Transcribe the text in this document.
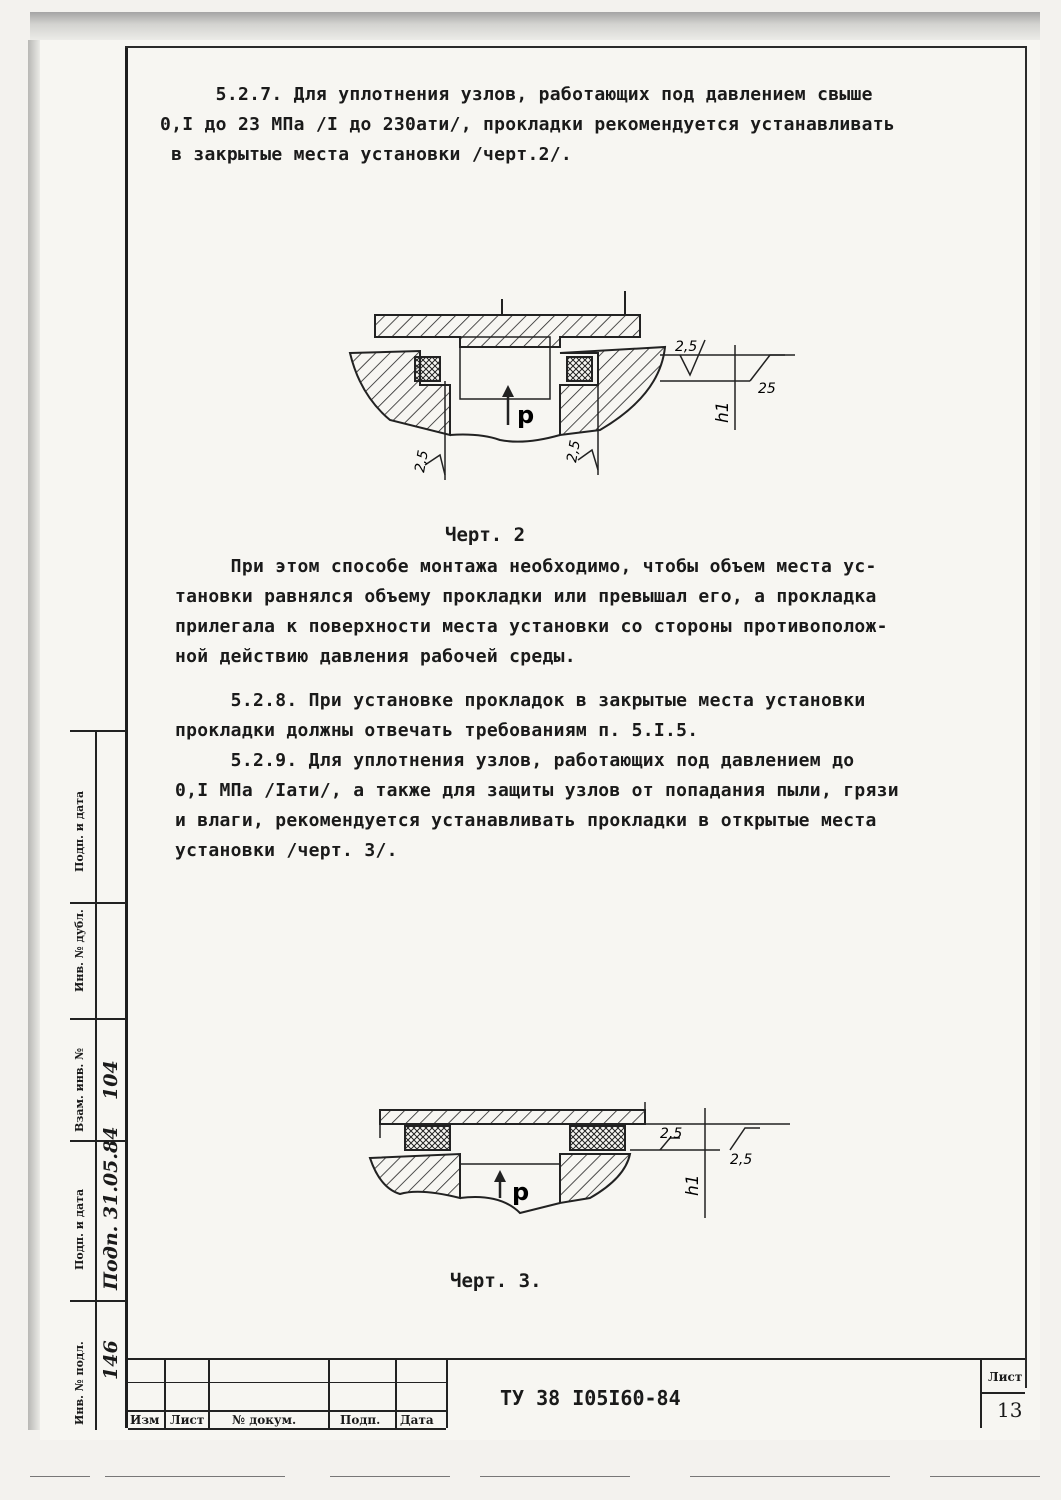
5.2.7. Для уплотнения узлов, работающих под давлением свыше
0,I до 23 МПа /I до 230ати/, прокладки рекомендуется устанавливать
в закрытые места установки /черт.2/.
p
2,5
25
h1
2,5	2,5
Черт. 2
При этом способе монтажа необходимо, чтобы объем места ус-
тановки равнялся объему прокладки или превышал его, а прокладка
прилегала к поверхности места установки со стороны противополож-
ной действию давления рабочей среды.
5.2.8. При установке прокладок в закрытые места установки
прокладки должны отвечать требованиям п. 5.I.5.
5.2.9. Для уплотнения узлов, работающих под давлением до
0,I МПа /Iати/, а также для защиты узлов от попадания пыли, грязи
и влаги, рекомендуется устанавливать прокладки в открытые места
установки /черт. 3/.
p
2,5
2,5
h1
Черт. 3.
Подп. и дата
Инв. № дубл.
Взам. инв. №
Подп. и дата
Инв. № подл.
104
Подп. 31.05.84
146
Изм Лист № докум.	Подп. Дата
ТУ 38 I05I60-84
Лист
13
